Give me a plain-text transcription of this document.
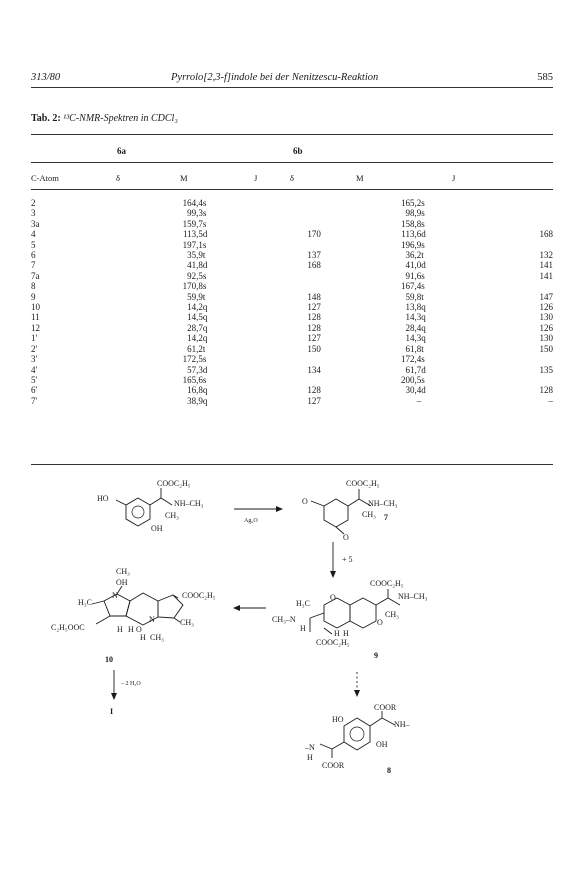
313/80	Pyrrolo[2,3-f]indole bei der Nenitzescu-Reaktion	585
Tab. 2: ¹³C-NMR-Spektren in CDCl₃
6a	6b
C-Atom	δ	M	J	δ	M	J
2	164,4	s		165,2	s	
3	99,3	s		98,9	s	
3a	159,7	s		158,8	s	
4	113,5	d	170	113,6	d	168
5	197,1	s		196,9	s	
6	35,9	t	137	36,2	t	132
7	41,8	d	168	41,0	d	141
7a	92,5	s		91,6	s	141
8	170,8	s		167,4	s	
9	59,9	t	148	59,8	t	147
10	14,2	q	127	13,8	q	126
11	14,5	q	128	14,3	q	130
12	28,7	q	128	28,4	q	126
1'	14,2	q	127	14,3	q	130
2'	61,2	t	150	61,8	t	150
3'	172,5	s		172,4	s	
4'	57,3	d	134	61,7	d	135
5'	165,6	s		200,5	s	
6'	16,8	q	128	30,4	d	128
7'	38,9	q	127	–		–
COOC₂H₅
NH–CH₃
CH₃
HO
OH
Ag₂O
O
O
COOC₂H₅
NH–CH₃
CH₃ 7
+ 5
H₃C
CH₃–N
H
O
O
H H
COOC₂H₅
COOC₂H₅
NH–CH₃
CH₃
9
CH₃
OH
H₃C
N	COOC₂H₅
C₂H₅OOC
CH₃
H H O
N
H CH₃
10
– 2 H₂O
I
HO
OH
COOR
NH–
–N
H
COOR
8
